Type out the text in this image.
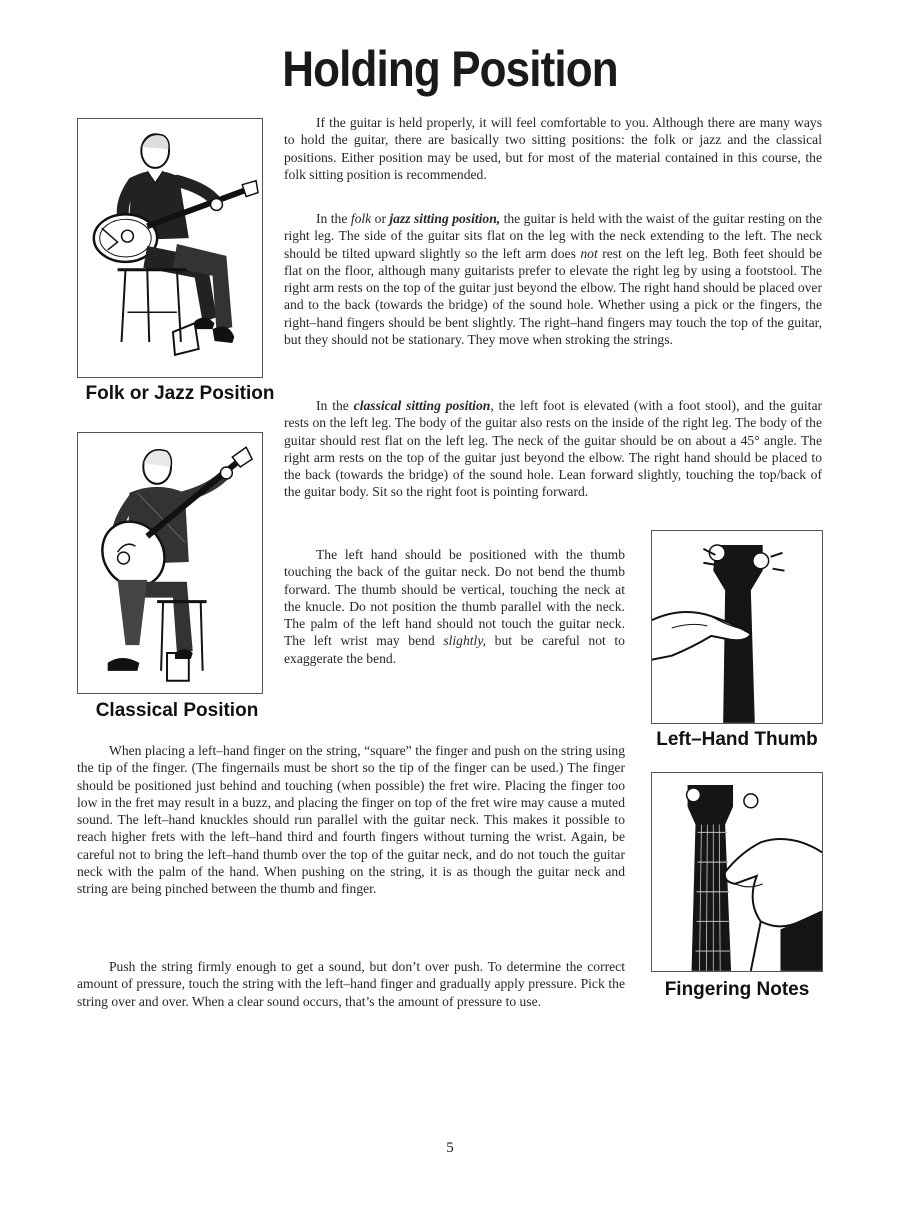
Holding Position
Folk or Jazz Position

If the guitar is held properly, it will feel comfortable to you. Although there are many ways to hold the guitar, there are basically two sitting positions: the folk or jazz and the classical positions. Either position may be used, but for most of the material contained in this course, the folk sitting position is recommended.

In the folk or jazz sitting position, the guitar is held with the waist of the guitar resting on the right leg. The side of the guitar sits flat on the leg with the neck extending to the left. The neck should be tilted upward slightly so the left arm does not rest on the left leg. Both feet should be flat on the floor, although many guitarists prefer to elevate the right leg by using a footstool. The right arm rests on the top of the guitar just beyond the elbow. The right hand should be placed over and to the back (towards the bridge) of the sound hole. Whether using a pick or the fingers, the right–hand fingers should be bent slightly. The right–hand fingers may touch the top of the guitar, but they should not be stationary. They move when stroking the strings.

Classical Position

In the classical sitting position, the left foot is elevated (with a foot stool), and the guitar rests on the left leg. The body of the guitar also rests on the inside of the right leg. The body of the guitar should rest flat on the left leg. The neck of the guitar should be on about a 45° angle. The right arm rests on the top of the guitar just beyond the elbow. The right hand should be placed to the back (towards the bridge) of the sound hole. Lean forward slightly, touching the top/back of the guitar body. Sit so the right foot is pointing forward.

The left hand should be positioned with the thumb touching the back of the guitar neck. Do not bend the thumb forward. The thumb should be vertical, touching the neck at the knucle. Do not position the thumb parallel with the neck. The palm of the left hand should not touch the guitar neck. The left wrist may bend slightly, but be careful not to exaggerate the bend.

Left–Hand Thumb

When placing a left–hand finger on the string, “square” the finger and push on the string using the tip of the finger. (The fingernails must be short so the tip of the finger can be used.) The finger should be positioned just behind and touching (when possible) the fret wire. Placing the finger too low in the fret may result in a buzz, and placing the finger on top of the fret wire may cause a muted sound. The left–hand knuckles should run parallel with the guitar neck. This makes it possible to reach higher frets with the left–hand third and fourth fingers without turning the wrist. Again, be careful not to bring the left–hand thumb over the top of the guitar neck, and do not touch the guitar neck with the palm of the hand. When pushing on the string, it is as though the guitar neck and string are being pinched between the thumb and finger.

Fingering Notes

Push the string firmly enough to get a sound, but don’t over push. To determine the correct amount of pressure, touch the string with the left–hand finger and gradually apply pressure. Pick the string over and over. When a clear sound occurs, that’s the amount of pressure to use.

5
